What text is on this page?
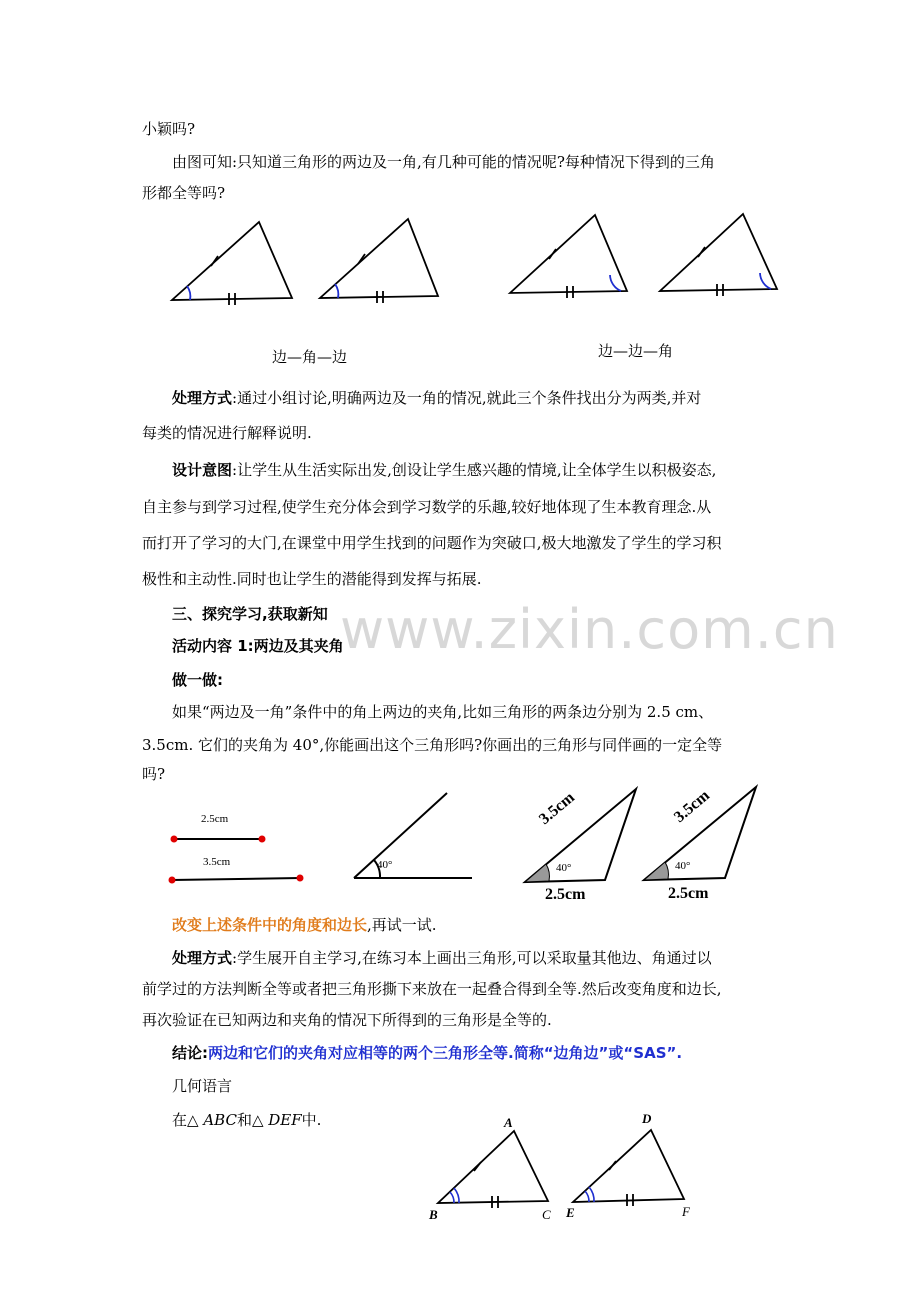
www.zixin.com.cn
小颖吗?
由图可知:只知道三角形的两边及一角,有几种可能的情况呢?每种情况下得到的三角
形都全等吗?
边—角—边	边—边—角
处理方式:通过小组讨论,明确两边及一角的情况,就此三个条件找出分为两类,并对
每类的情况进行解释说明.
设计意图:让学生从生活实际出发,创设让学生感兴趣的情境,让全体学生以积极姿态,
自主参与到学习过程,使学生充分体会到学习数学的乐趣,较好地体现了生本教育理念.从
而打开了学习的大门,在课堂中用学生找到的问题作为突破口,极大地激发了学生的学习积
极性和主动性.同时也让学生的潜能得到发挥与拓展.
三、探究学习,获取新知
活动内容 1:两边及其夹角
做一做:
如果“两边及一角”条件中的角上两边的夹角,比如三角形的两条边分别为 2.5 cm、
3.5cm. 它们的夹角为 40°,你能画出这个三角形吗?你画出的三角形与同伴画的一定全等
吗?
2.5cm
3.5cm	40°
3.5cm
40°
2.5cm
3.5cm
40°
2.5cm
改变上述条件中的角度和边长,再试一试.
处理方式:学生展开自主学习,在练习本上画出三角形,可以采取量其他边、角通过以
前学过的方法判断全等或者把三角形撕下来放在一起叠合得到全等.然后改变角度和边长,
再次验证在已知两边和夹角的情况下所得到的三角形是全等的.
结论:两边和它们的夹角对应相等的两个三角形全等.简称“边角边”或“SAS”.
几何语言
在△ ABC和△ DEF中.	A
B	C
D
E	F
